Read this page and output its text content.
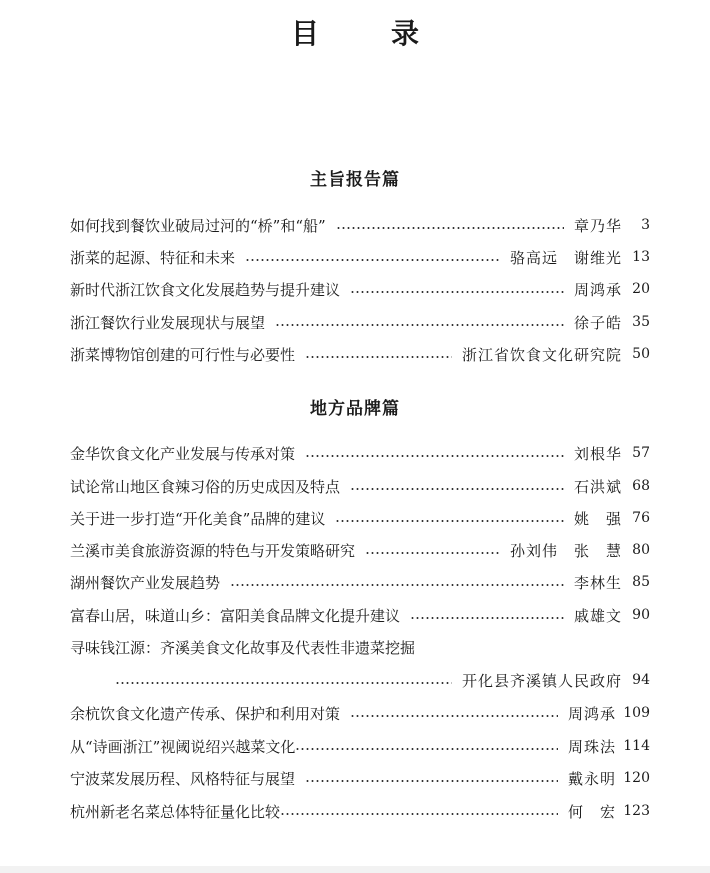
目　录
主旨报告篇
如何找到餐饮业破局过河的“桥”和“船”	章乃华	3
浙菜的起源、特征和未来	骆高远　谢维光 13
新时代浙江饮食文化发展趋势与提升建议	周鸿承 20
浙江餐饮行业发展现状与展望	徐子皓 35
浙菜博物馆创建的可行性与必要性	浙江省饮食文化研究院 50
地方品牌篇
金华饮食文化产业发展与传承对策	刘根华 57
试论常山地区食辣习俗的历史成因及特点	石洪斌 68
关于进一步打造“开化美食”品牌的建议	姚　强 76
兰溪市美食旅游资源的特色与开发策略研究	孙刘伟　张　慧 80
湖州餐饮产业发展趋势	李林生 85
富春山居，味道山乡：富阳美食品牌文化提升建议	戚雄文 90
寻味钱江源：齐溪美食文化故事及代表性非遗菜挖掘
开化县齐溪镇人民政府 94
余杭饮食文化遗产传承、保护和利用对策	周鸿承 109
从“诗画浙江”视阈说绍兴越菜文化	周珠法 114
宁波菜发展历程、风格特征与展望	戴永明 120
杭州新老名菜总体特征量化比较	何　宏 123
